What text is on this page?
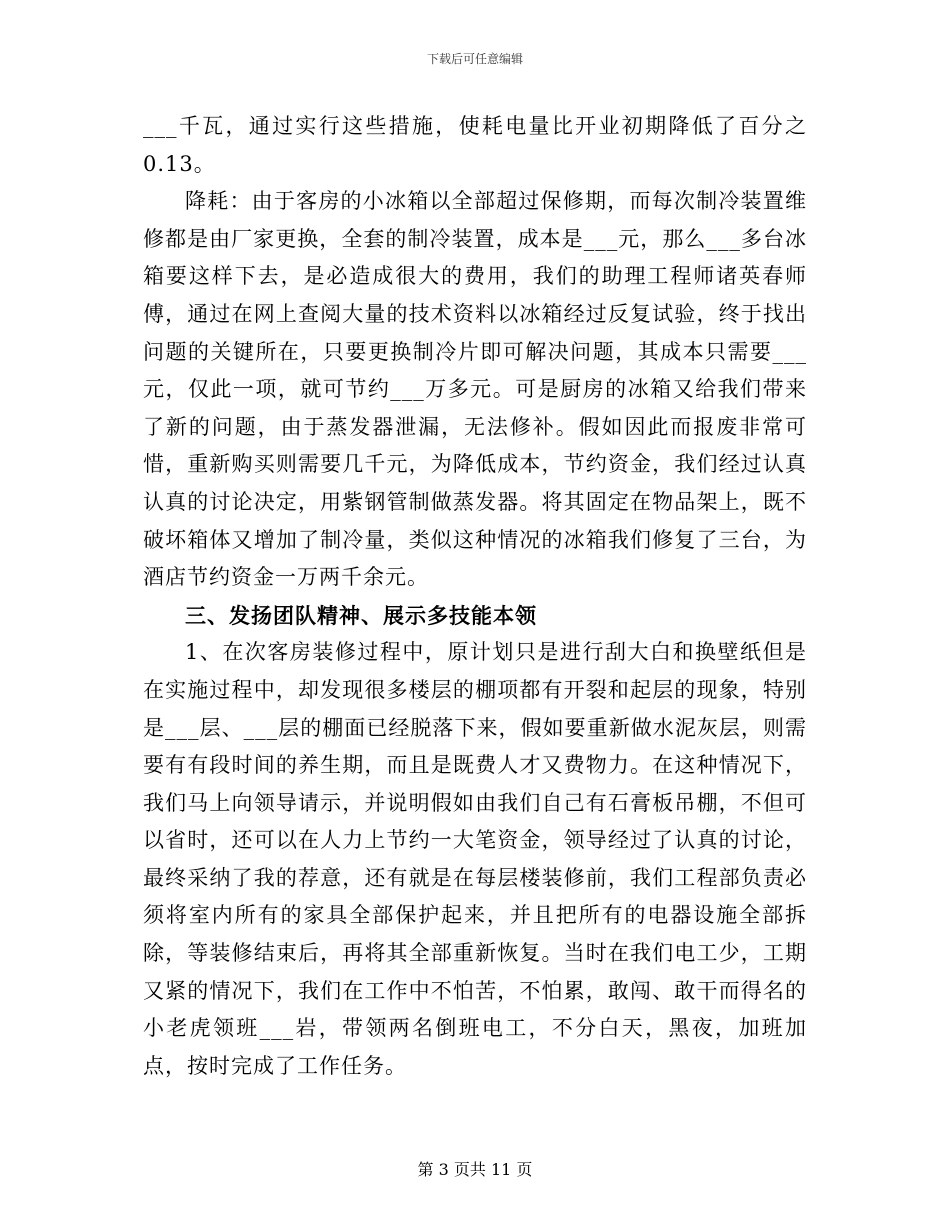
下载后可任意编辑

___千瓦，通过实行这些措施，使耗电量比开业初期降低了百分之0.13。

降耗：由于客房的小冰箱以全部超过保修期，而每次制冷装置维修都是由厂家更换，全套的制冷装置，成本是___元，那么___多台冰箱要这样下去，是必造成很大的费用，我们的助理工程师诸英春师傅，通过在网上查阅大量的技术资料以冰箱经过反复试验，终于找出问题的关键所在，只要更换制冷片即可解决问题，其成本只需要___元，仅此一项，就可节约___万多元。可是厨房的冰箱又给我们带来了新的问题，由于蒸发器泄漏，无法修补。假如因此而报废非常可惜，重新购买则需要几千元，为降低成本，节约资金，我们经过认真认真的讨论决定，用紫钢管制做蒸发器。将其固定在物品架上，既不破坏箱体又增加了制冷量，类似这种情况的冰箱我们修复了三台，为酒店节约资金一万两千余元。

三、发扬团队精神、展示多技能本领

1、在次客房装修过程中，原计划只是进行刮大白和换壁纸但是在实施过程中，却发现很多楼层的棚项都有开裂和起层的现象，特别是___层、___层的棚面已经脱落下来，假如要重新做水泥灰层，则需要有有段时间的养生期，而且是既费人才又费物力。在这种情况下，我们马上向领导请示，并说明假如由我们自己有石膏板吊棚，不但可以省时，还可以在人力上节约一大笔资金，领导经过了认真的讨论，最终采纳了我的荐意，还有就是在每层楼装修前，我们工程部负责必须将室内所有的家具全部保护起来，并且把所有的电器设施全部拆除，等装修结束后，再将其全部重新恢复。当时在我们电工少，工期又紧的情况下，我们在工作中不怕苦，不怕累，敢闯、敢干而得名的小老虎领班___岩，带领两名倒班电工，不分白天，黑夜，加班加点，按时完成了工作任务。

第 3 页共 11 页
